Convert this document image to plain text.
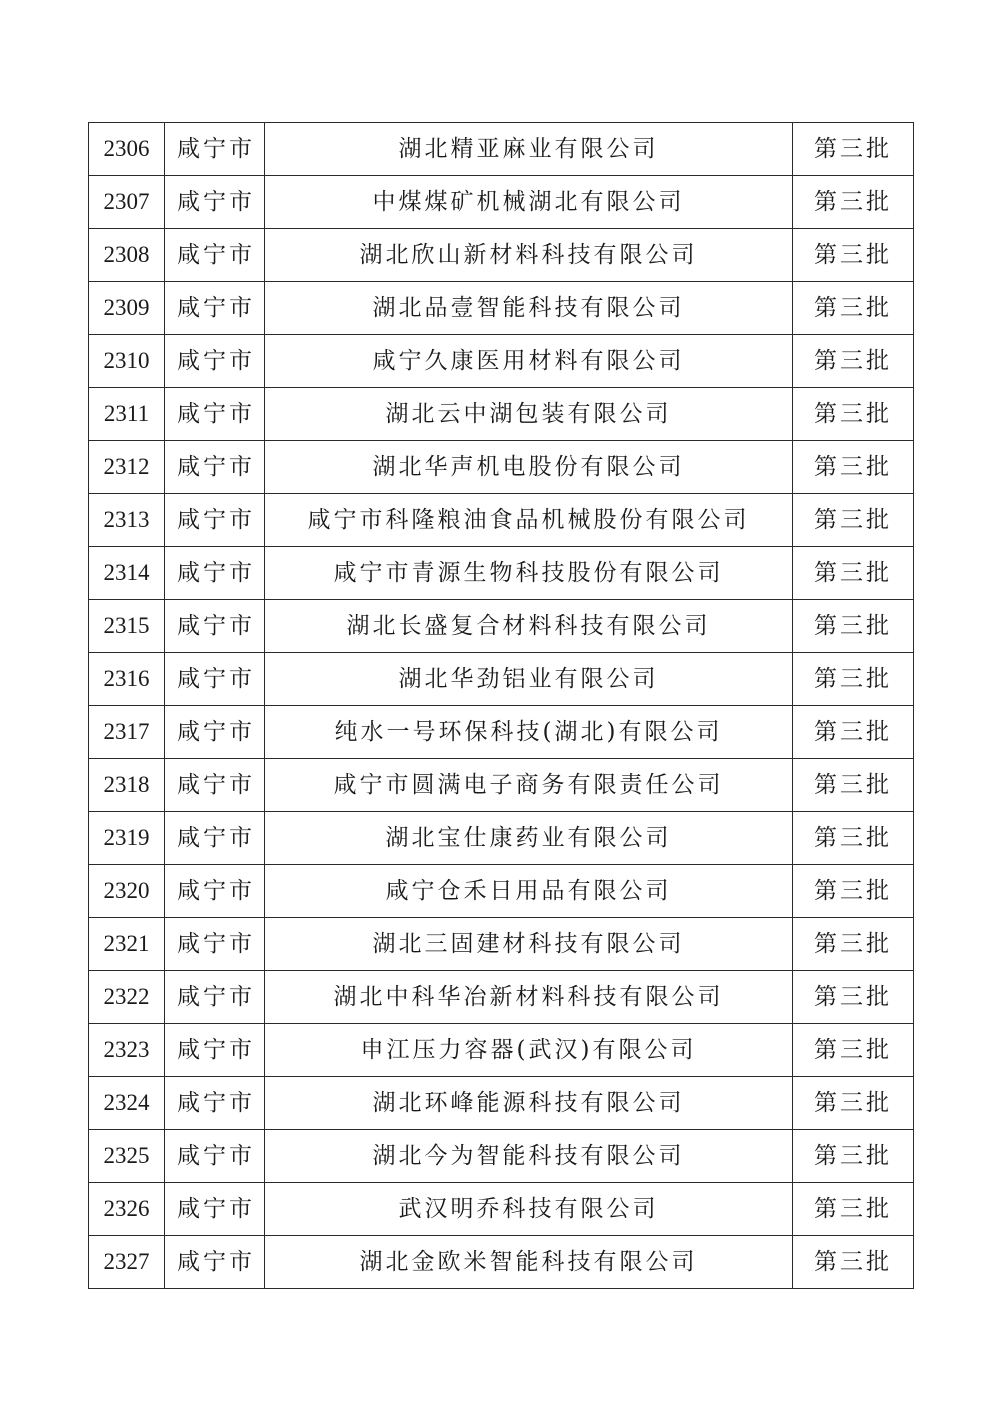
2306	咸宁市	湖北精亚麻业有限公司	第三批
2307	咸宁市	中煤煤矿机械湖北有限公司	第三批
2308	咸宁市	湖北欣山新材料科技有限公司	第三批
2309	咸宁市	湖北品壹智能科技有限公司	第三批
2310	咸宁市	咸宁久康医用材料有限公司	第三批
2311	咸宁市	湖北云中湖包装有限公司	第三批
2312	咸宁市	湖北华声机电股份有限公司	第三批
2313	咸宁市	咸宁市科隆粮油食品机械股份有限公司	第三批
2314	咸宁市	咸宁市青源生物科技股份有限公司	第三批
2315	咸宁市	湖北长盛复合材料科技有限公司	第三批
2316	咸宁市	湖北华劲铝业有限公司	第三批
2317	咸宁市	纯水一号环保科技(湖北)有限公司	第三批
2318	咸宁市	咸宁市圆满电子商务有限责任公司	第三批
2319	咸宁市	湖北宝仕康药业有限公司	第三批
2320	咸宁市	咸宁仓禾日用品有限公司	第三批
2321	咸宁市	湖北三固建材科技有限公司	第三批
2322	咸宁市	湖北中科华冶新材料科技有限公司	第三批
2323	咸宁市	申江压力容器(武汉)有限公司	第三批
2324	咸宁市	湖北环峰能源科技有限公司	第三批
2325	咸宁市	湖北今为智能科技有限公司	第三批
2326	咸宁市	武汉明乔科技有限公司	第三批
2327	咸宁市	湖北金欧米智能科技有限公司	第三批
